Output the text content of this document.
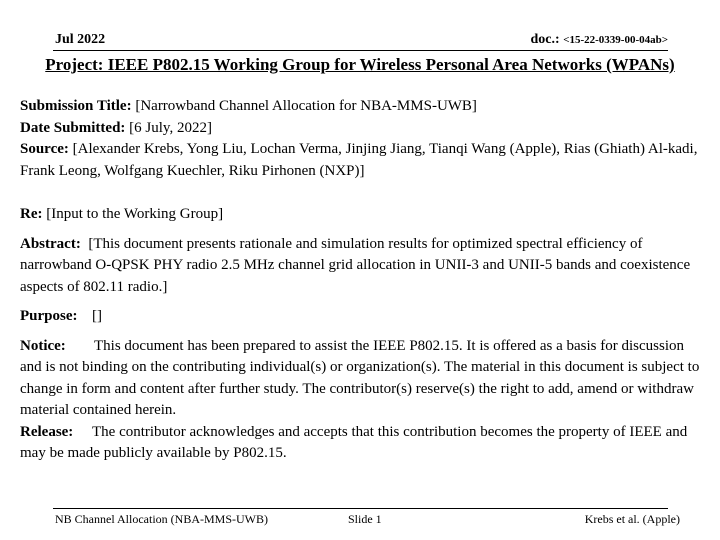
Jul 2022	doc.: <15-22-0339-00-04ab>
Project: IEEE P802.15 Working Group for Wireless Personal Area Networks (WPANs)

Submission Title: [Narrowband Channel Allocation for NBA-MMS-UWB]

Date Submitted: [6 July, 2022]

Source: [Alexander Krebs, Yong Liu, Lochan Verma, Jinjing Jiang, Tianqi Wang (Apple), Rias (Ghiath) Al-kadi, Frank Leong, Wolfgang Kuechler, Riku Pirhonen (NXP)]

Re: [Input to the Working Group]

Abstract: [This document presents rationale and simulation results for optimized spectral efficiency of narrowband O-QPSK PHY radio 2.5 MHz channel grid allocation in UNII-3 and UNII-5 bands and coexistence aspects of 802.11 radio.]

Purpose: []

Notice: This document has been prepared to assist the IEEE P802.15. It is offered as a basis for discussion and is not binding on the contributing individual(s) or organization(s). The material in this document is subject to change in form and content after further study. The contributor(s) reserve(s) the right to add, amend or withdraw material contained herein.

Release: The contributor acknowledges and accepts that this contribution becomes the property of IEEE and may be made publicly available by P802.15.

NB Channel Allocation (NBA-MMS-UWB)	Slide 1	Krebs et al. (Apple)
